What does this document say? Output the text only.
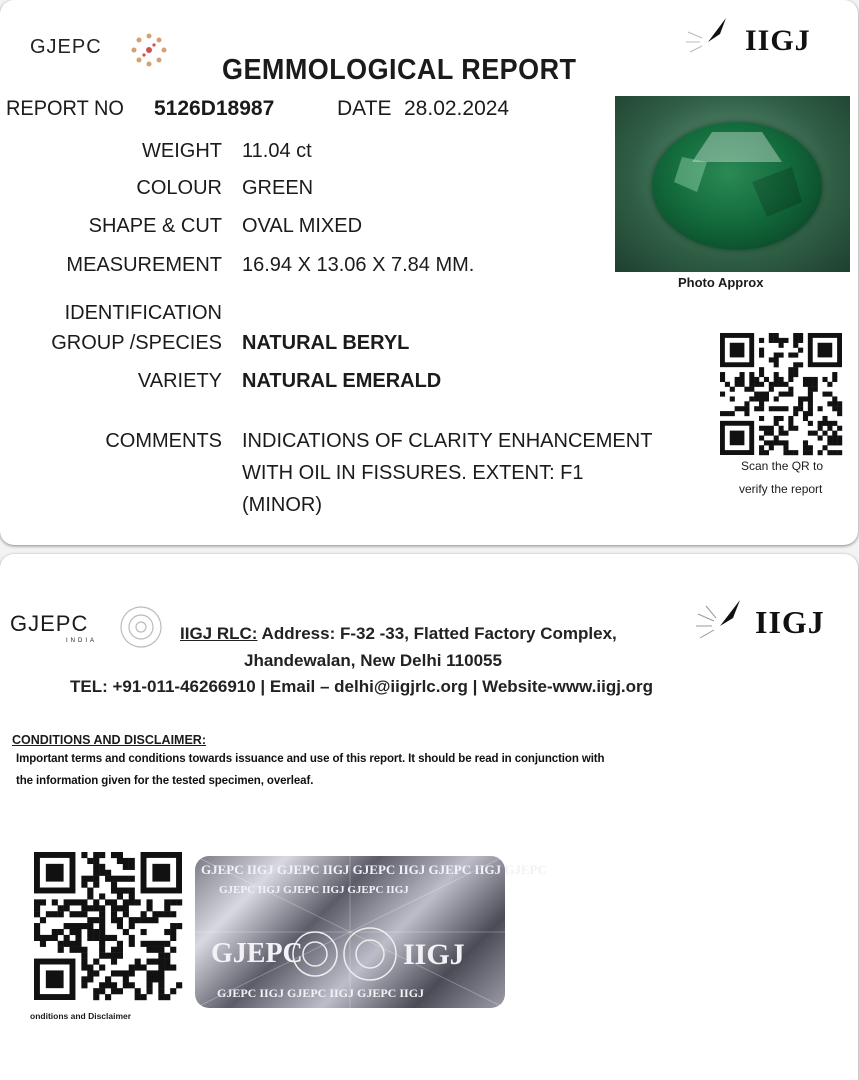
GJEPC	IIGJ
GEMMOLOGICAL REPORT
REPORT NO 5126D18987	DATE 28.02.2024
WEIGHT 11.04 ct
COLOUR GREEN
SHAPE & CUT OVAL MIXED
MEASUREMENT 16.94 X 13.06 X 7.84 MM.
IDENTIFICATION
GROUP /SPECIES NATURAL BERYL
VARIETY NATURAL EMERALD
COMMENTS INDICATIONS OF CLARITY ENHANCEMENT
WITH OIL IN FISSURES. EXTENT: F1
(MINOR)
Photo Approx
Scan the QR to
verify the report
GJEPC
INDIA
IIGJ
IIGJ RLC: Address: F-32 -33, Flatted Factory Complex,
Jhandewalan, New Delhi 110055
TEL: +91-011-46266910 | Email – delhi@iigjrlc.org | Website-www.iigj.org
CONDITIONS AND DISCLAIMER:
Important terms and conditions towards issuance and use of this report. It should be read in conjunction with
the information given for the tested specimen, overleaf.
onditions and Disclaimer
GJEPC IIGJ GJEPC IIGJ GJEPC IIGJ GJEPC IIGJ GJEPC
GJEPC IIGJ GJEPC IIGJ GJEPC IIGJ
GJEPC	IIGJ
GJEPC IIGJ GJEPC IIGJ GJEPC IIGJ
